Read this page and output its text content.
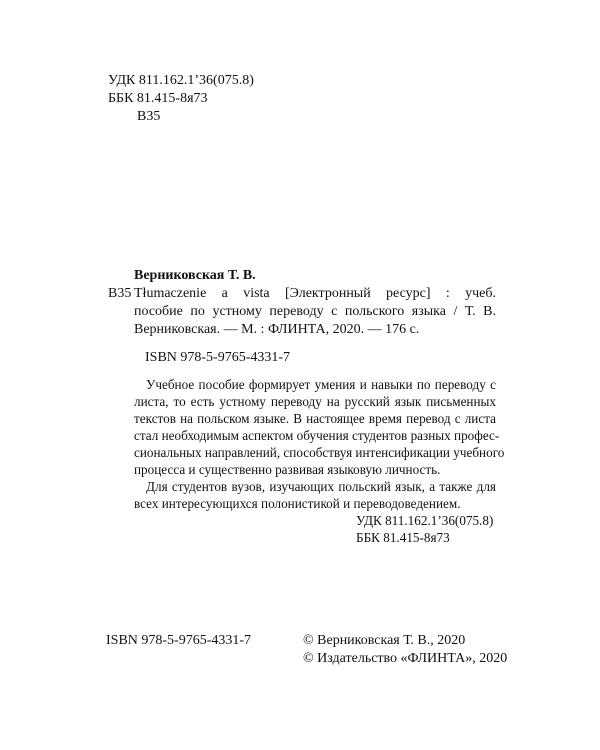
УДК 811.162.1’36(075.8)
ББК 81.415-8я73
В35
Верниковская Т. В.
В35 Tłumaczenie a vista [Электронный ресурс] : учеб.
пособие по устному переводу с польского языка / Т. В.
Верниковская. — М. : ФЛИНТА, 2020. — 176 с.
ISBN 978-5-9765-4331-7
Учебное пособие формирует умения и навыки по переводу с
листа, то есть устному переводу на русский язык письменных
текстов на польском языке. В настоящее время перевод с листа
стал необходимым аспектом обучения студентов разных профес-
сиональных направлений, способствуя интенсификации учебного
процесса и существенно развивая языковую личность.
Для студентов вузов, изучающих польский язык, а также для
всех интересующихся полонистикой и переводоведением.
УДК 811.162.1’36(075.8)
ББК 81.415-8я73
ISBN 978-5-9765-4331-7	© Верниковская Т. В., 2020
© Издательство «ФЛИНТА», 2020
